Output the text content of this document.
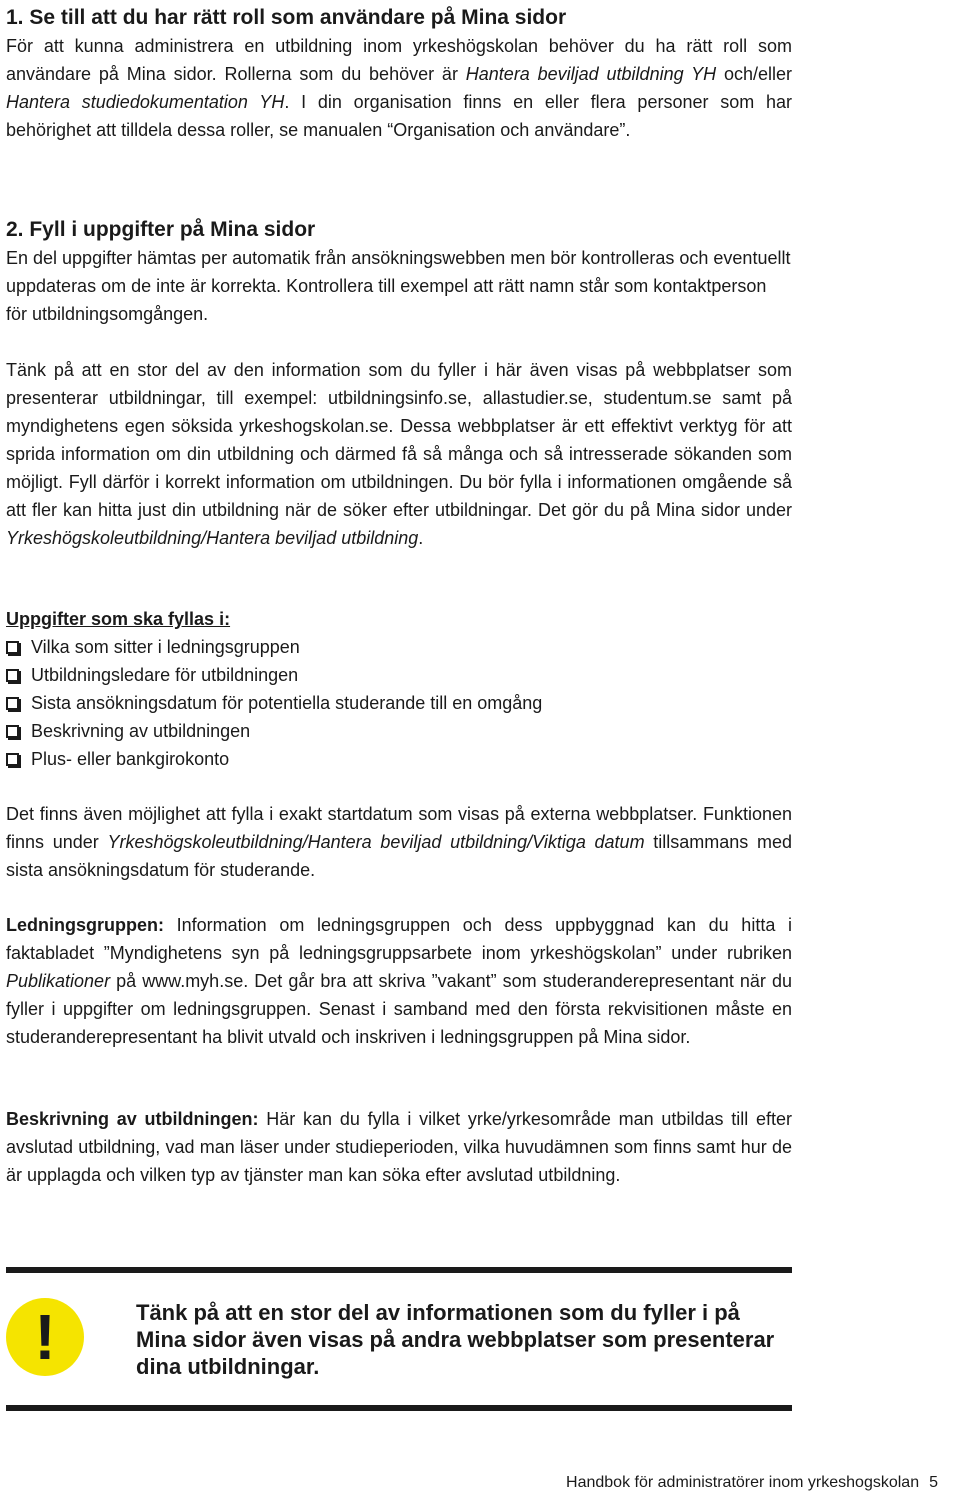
1. Se till att du har rätt roll som användare på Mina sidor

För att kunna administrera en utbildning inom yrkeshögskolan behöver du ha rätt roll som användare på Mina sidor. Rollerna som du behöver är Hantera beviljad utbildning YH och/eller Hantera studiedokumentation YH. I din organisation finns en eller flera personer som har behörighet att tilldela dessa roller, se manualen “Organisation och användare”.

2. Fyll i uppgifter på Mina sidor

En del uppgifter hämtas per automatik från ansökningswebben men bör kontrolleras och eventuellt uppdateras om de inte är korrekta. Kontrollera till exempel att rätt namn står som kontaktperson för utbildningsomgången.

Tänk på att en stor del av den information som du fyller i här även visas på webbplatser som presenterar utbildningar, till exempel: utbildningsinfo.se, allastudier.se, studentum.se samt på myndighetens egen söksida yrkeshogskolan.se. Dessa webbplatser är ett effektivt verktyg för att sprida information om din utbildning och därmed få så många och så intresserade sökanden som möjligt. Fyll därför i korrekt information om utbildningen. Du bör fylla i informationen omgående så att fler kan hitta just din utbildning när de söker efter utbildningar. Det gör du på Mina sidor under Yrkeshögskoleutbildning/Hantera beviljad utbildning.

Uppgifter som ska fyllas i:
Vilka som sitter i ledningsgruppen
Utbildningsledare för utbildningen
Sista ansökningsdatum för potentiella studerande till en omgång
Beskrivning av utbildningen
Plus- eller bankgirokonto

Det finns även möjlighet att fylla i exakt startdatum som visas på externa webbplatser. Funktionen finns under Yrkeshögskoleutbildning/Hantera beviljad utbildning/Viktiga datum tillsammans med sista ansökningsdatum för studerande.

Ledningsgruppen: Information om ledningsgruppen och dess uppbyggnad kan du hitta i faktabladet ”Myndighetens syn på ledningsgruppsarbete inom yrkeshögskolan” under rubriken Publikationer på www.myh.se. Det går bra att skriva ”vakant” som studeranderepresentant när du fyller i uppgifter om ledningsgruppen. Senast i samband med den första rekvisitionen måste en studeranderepresentant ha blivit utvald och inskriven i ledningsgruppen på Mina sidor.

Beskrivning av utbildningen: Här kan du fylla i vilket yrke/yrkesområde man utbildas till efter avslutad utbildning, vad man läser under studieperioden, vilka huvudämnen som finns samt hur de är upplagda och vilken typ av tjänster man kan söka efter avslutad utbildning.

!	Tänk på att en stor del av informationen som du fyller i på Mina sidor även visas på andra webbplatser som presenterar dina utbildningar.

Handbok för administratörer inom yrkeshogskolan 5
